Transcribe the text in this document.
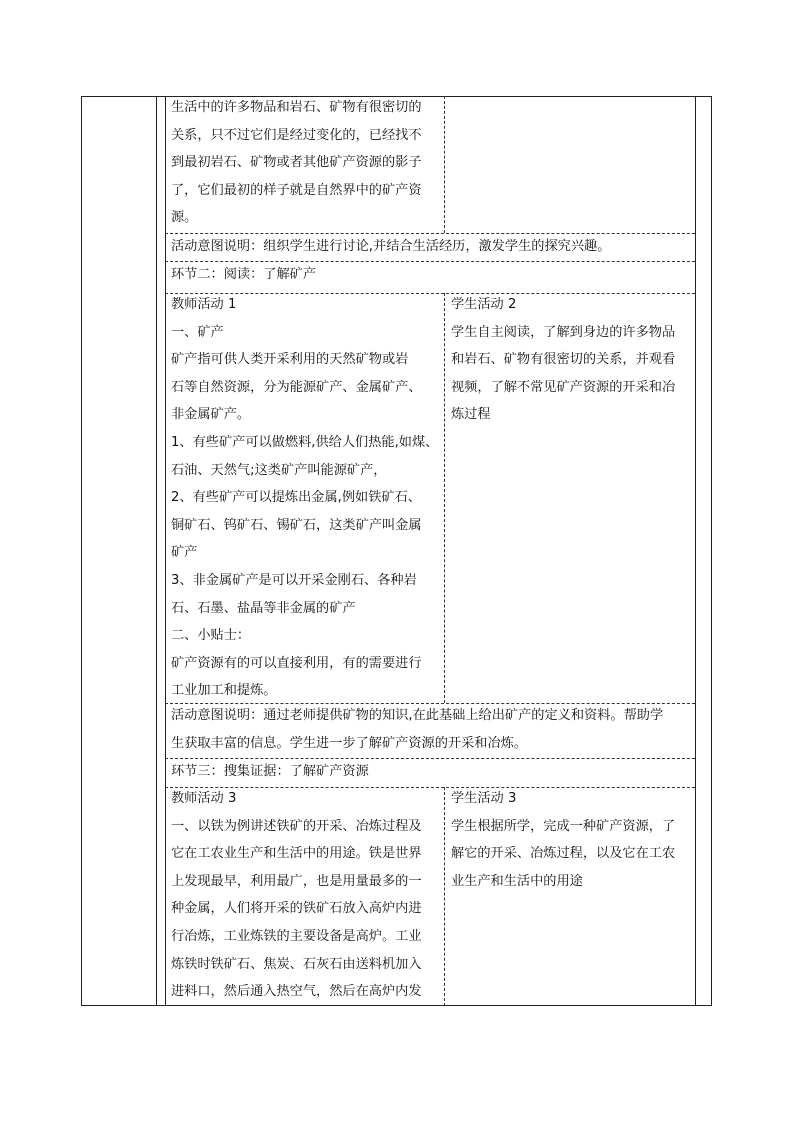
生活中的许多物品和岩石、矿物有很密切的
关系，只不过它们是经过变化的，已经找不
到最初岩石、矿物或者其他矿产资源的影子
了，它们最初的样子就是自然界中的矿产资
源。
活动意图说明：组织学生进行讨论,并结合生活经历，激发学生的探究兴趣。
环节二：阅读：了解矿产
教师活动 1
一、矿产
矿产指可供人类开采利用的天然矿物或岩
石等自然资源，分为能源矿产、金属矿产、
非金属矿产。
1、有些矿产可以做燃料,供给人们热能,如煤、
石油、天然气;这类矿产叫能源矿产，
2、有些矿产可以提炼出金属,例如铁矿石、
铜矿石、钨矿石、锡矿石，这类矿产叫金属
矿产
3、非金属矿产是可以开采金刚石、各种岩
石、石墨、盐晶等非金属的矿产
二、小贴士：
矿产资源有的可以直接利用，有的需要进行
工业加工和提炼。
学生活动 2
学生自主阅读，了解到身边的许多物品
和岩石、矿物有很密切的关系，并观看
视频，了解不常见矿产资源的开采和冶
炼过程
活动意图说明：通过老师提供矿物的知识,在此基础上给出矿产的定义和资料。帮助学
生获取丰富的信息。学生进一步了解矿产资源的开采和冶炼。
环节三：搜集证据：了解矿产资源
教师活动 3
一、以铁为例讲述铁矿的开采、冶炼过程及
它在工农业生产和生活中的用途。铁是世界
上发现最早，利用最广，也是用量最多的一
种金属，人们将开采的铁矿石放入高炉内进
行冶炼，工业炼铁的主要设备是高炉。工业
炼铁时铁矿石、焦炭、石灰石由送料机加入
进料口，然后通入热空气，然后在高炉内发
学生活动 3
学生根据所学，完成一种矿产资源，了
解它的开采、冶炼过程，以及它在工农
业生产和生活中的用途
